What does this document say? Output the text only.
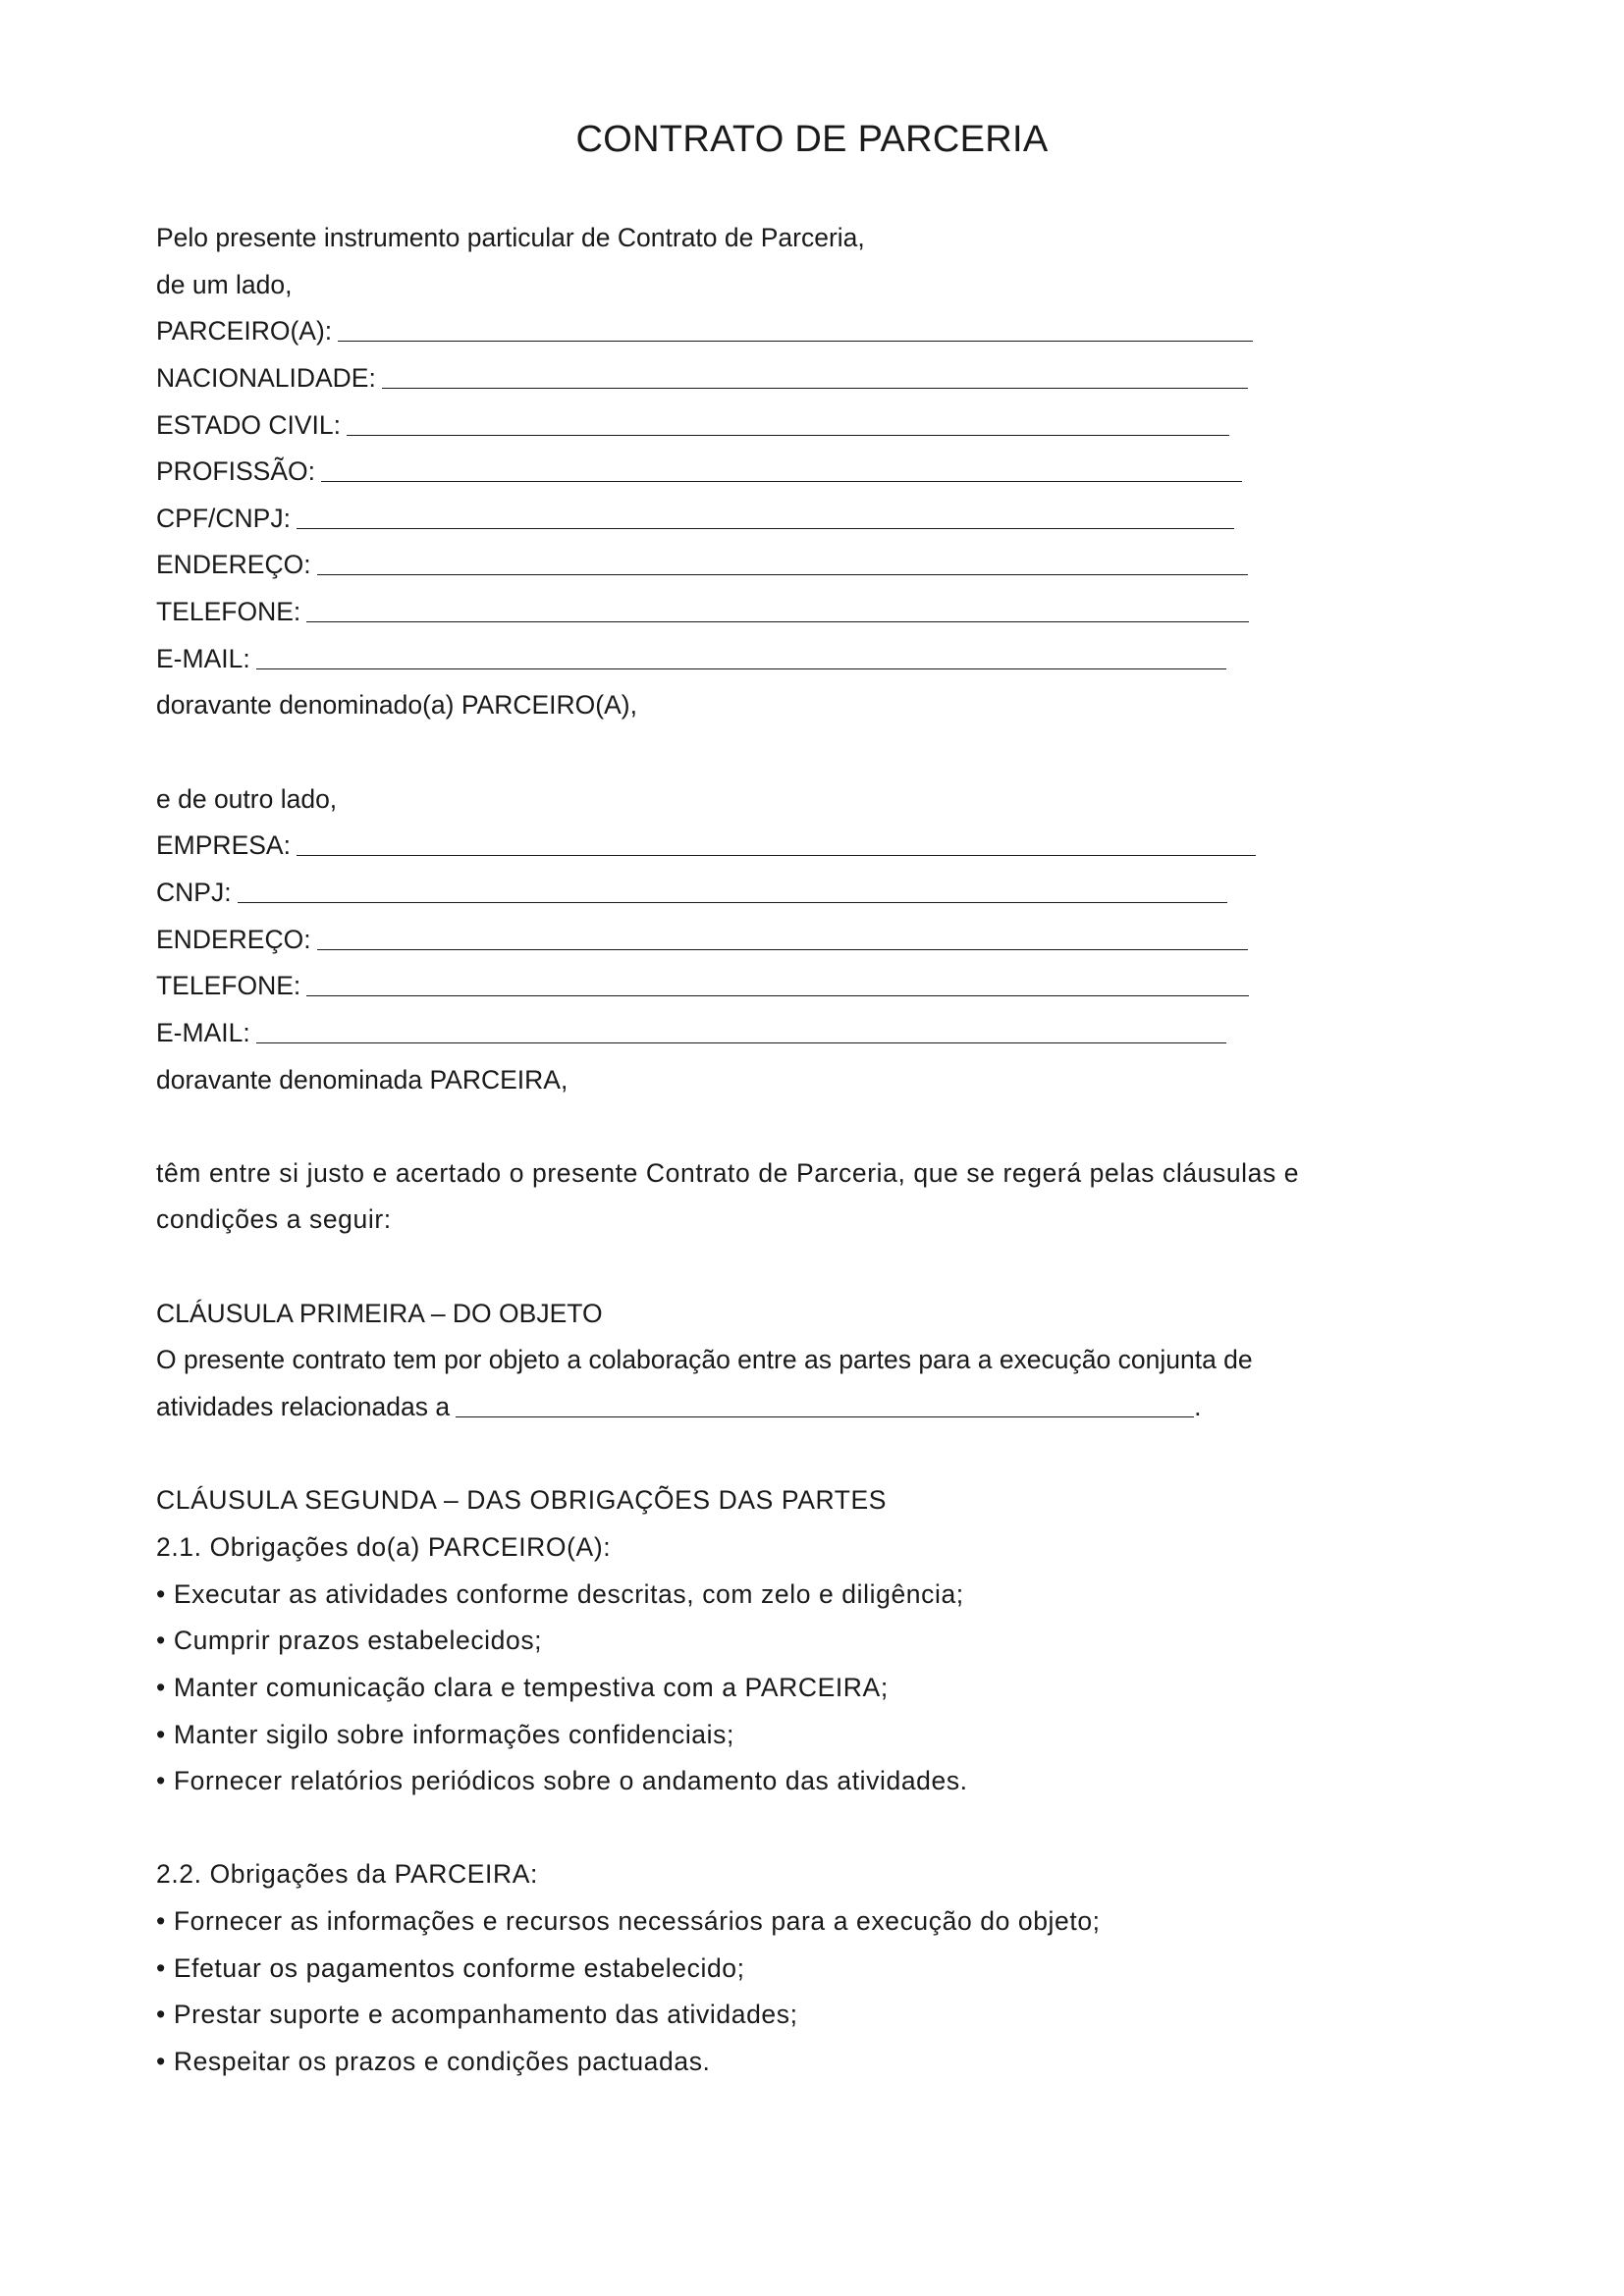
CONTRATO DE PARCERIA
Pelo presente instrumento particular de Contrato de Parceria,
de um lado,
PARCEIRO(A):
NACIONALIDADE:
ESTADO CIVIL:
PROFISSÃO:
CPF/CNPJ:
ENDEREÇO:
TELEFONE:
E-MAIL:
doravante denominado(a) PARCEIRO(A),
e de outro lado,
EMPRESA:
CNPJ:
ENDEREÇO:
TELEFONE:
E-MAIL:
doravante denominada PARCEIRA,
têm entre si justo e acertado o presente Contrato de Parceria, que se regerá pelas cláusulas e
condições a seguir:
CLÁUSULA PRIMEIRA – DO OBJETO
O presente contrato tem por objeto a colaboração entre as partes para a execução conjunta de
atividades relacionadas a	.
CLÁUSULA SEGUNDA – DAS OBRIGAÇÕES DAS PARTES
2.1. Obrigações do(a) PARCEIRO(A):
• Executar as atividades conforme descritas, com zelo e diligência;
• Cumprir prazos estabelecidos;
• Manter comunicação clara e tempestiva com a PARCEIRA;
• Manter sigilo sobre informações confidenciais;
• Fornecer relatórios periódicos sobre o andamento das atividades.
2.2. Obrigações da PARCEIRA:
• Fornecer as informações e recursos necessários para a execução do objeto;
• Efetuar os pagamentos conforme estabelecido;
• Prestar suporte e acompanhamento das atividades;
• Respeitar os prazos e condições pactuadas.
